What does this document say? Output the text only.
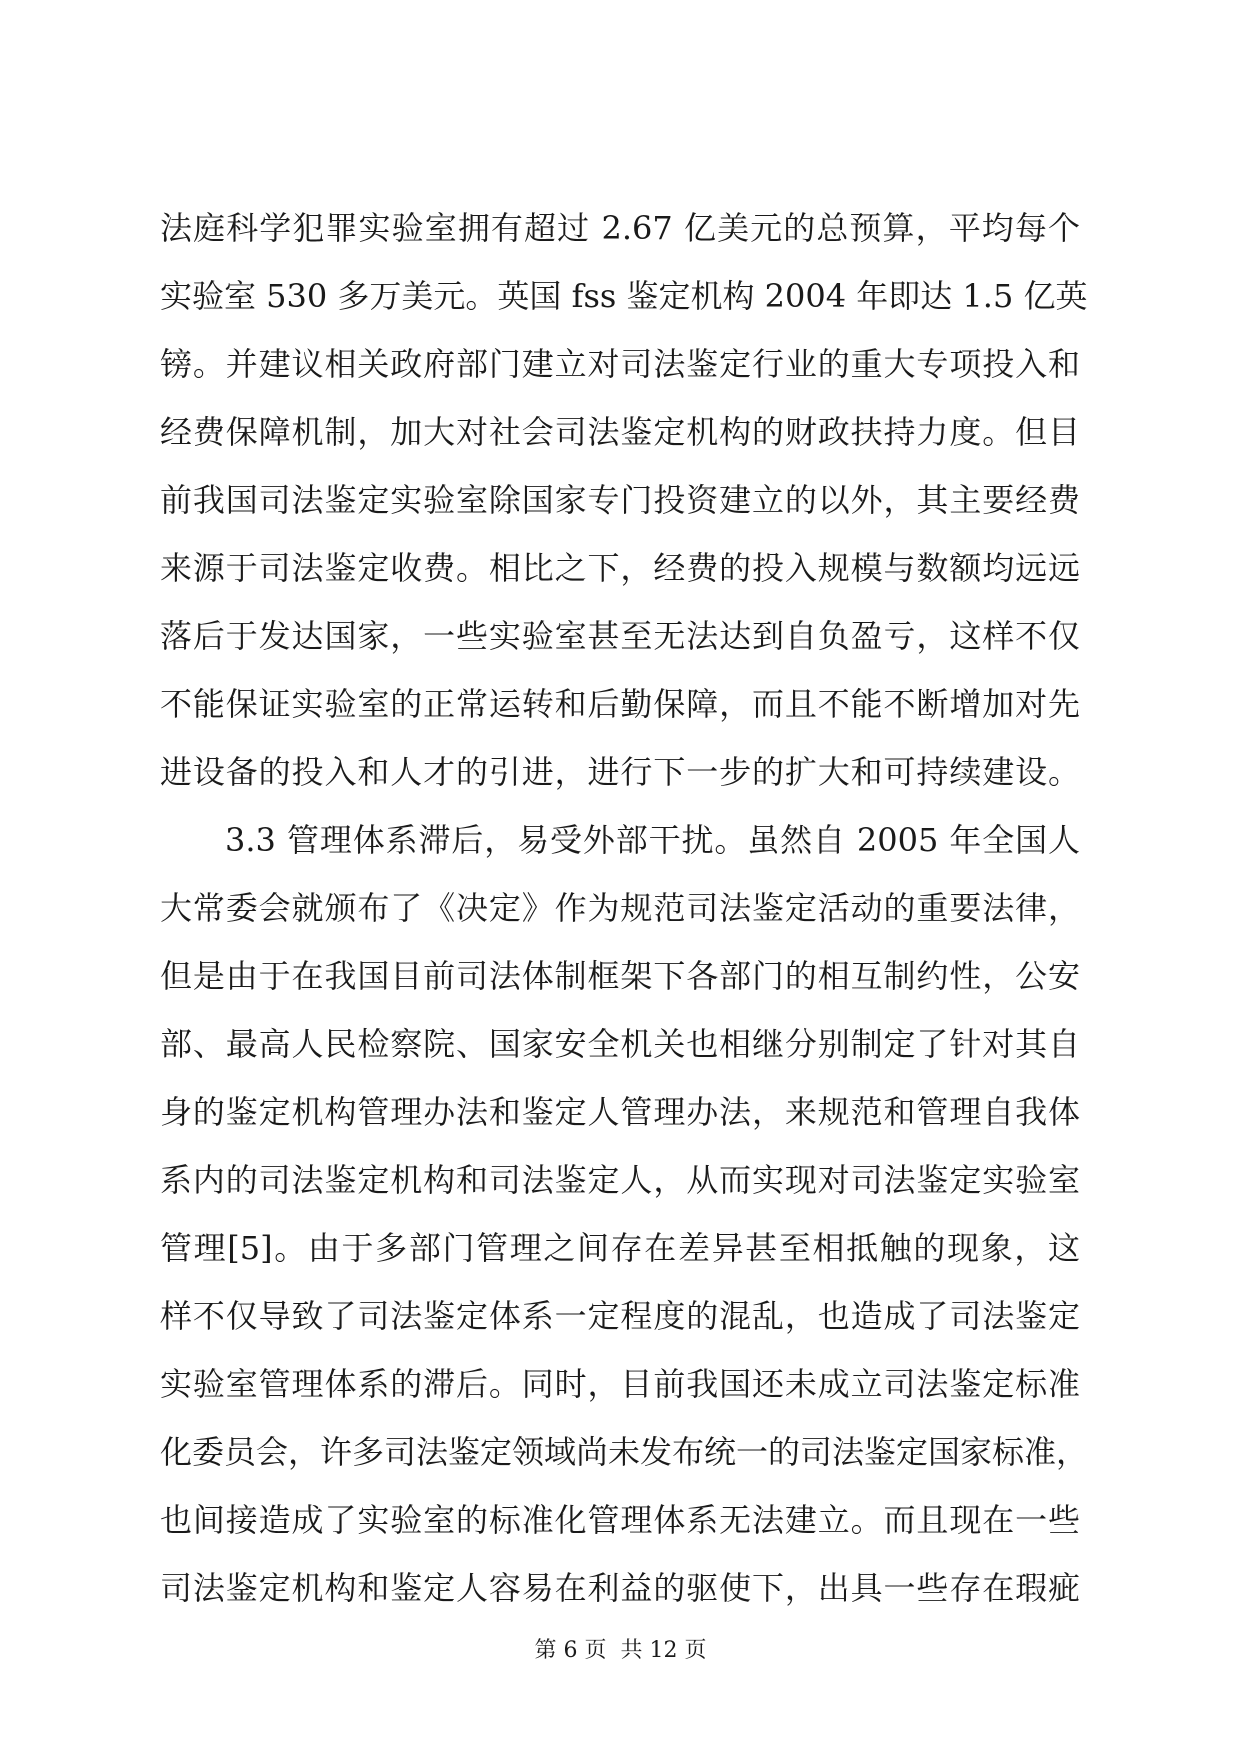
法庭科学犯罪实验室拥有超过 2.67 亿美元的总预算，平均每个
实验室 530 多万美元。英国 fss 鉴定机构 2004 年即达 1.5 亿英
镑。并建议相关政府部门建立对司法鉴定行业的重大专项投入和
经费保障机制，加大对社会司法鉴定机构的财政扶持力度。但目
前我国司法鉴定实验室除国家专门投资建立的以外，其主要经费
来源于司法鉴定收费。相比之下，经费的投入规模与数额均远远
落后于发达国家，一些实验室甚至无法达到自负盈亏，这样不仅
不能保证实验室的正常运转和后勤保障，而且不能不断增加对先
进设备的投入和人才的引进，进行下一步的扩大和可持续建设。
3.3 管理体系滞后，易受外部干扰。虽然自 2005 年全国人
大常委会就颁布了《决定》作为规范司法鉴定活动的重要法律，
但是由于在我国目前司法体制框架下各部门的相互制约性，公安
部、最高人民检察院、国家安全机关也相继分别制定了针对其自
身的鉴定机构管理办法和鉴定人管理办法，来规范和管理自我体
系内的司法鉴定机构和司法鉴定人，从而实现对司法鉴定实验室
管理[5]。由于多部门管理之间存在差异甚至相抵触的现象，这
样不仅导致了司法鉴定体系一定程度的混乱，也造成了司法鉴定
实验室管理体系的滞后。同时，目前我国还未成立司法鉴定标准
化委员会，许多司法鉴定领域尚未发布统一的司法鉴定国家标准，
也间接造成了实验室的标准化管理体系无法建立。而且现在一些
司法鉴定机构和鉴定人容易在利益的驱使下，出具一些存在瑕疵
第 6 页 共 12 页
